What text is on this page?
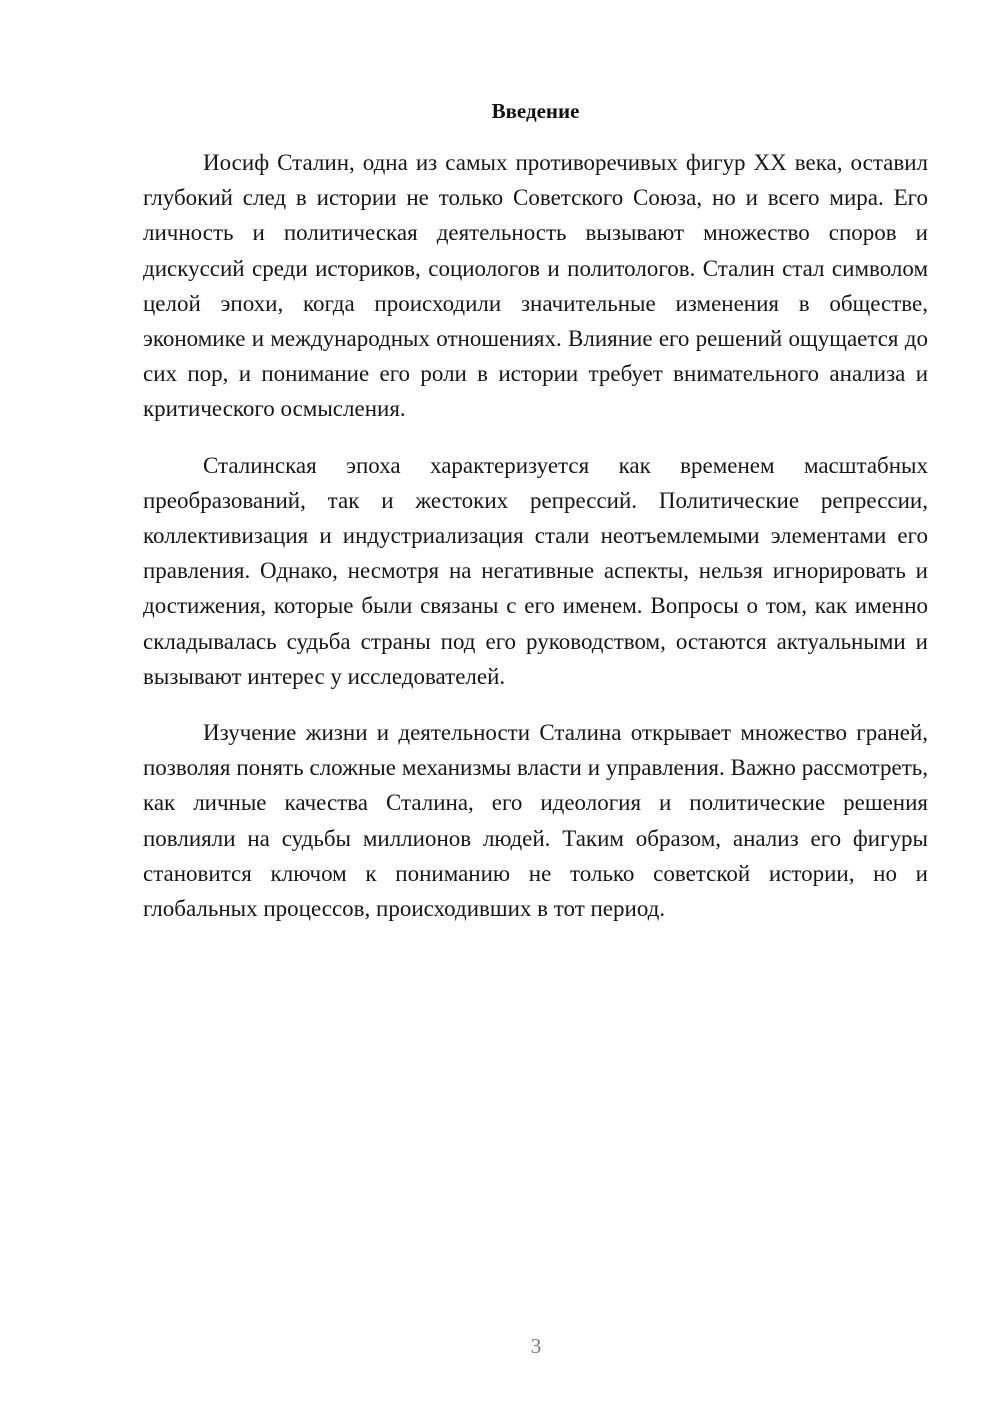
Введение

Иосиф Сталин, одна из самых противоречивых фигур XX века, оставил глубокий след в истории не только Советского Союза, но и всего мира. Его личность и политическая деятельность вызывают множество споров и дискуссий среди историков, социологов и политологов. Сталин стал символом целой эпохи, когда происходили значительные изменения в обществе, экономике и международных отношениях. Влияние его решений ощущается до сих пор, и понимание его роли в истории требует внимательного анализа и критического осмысления.

Сталинская эпоха характеризуется как временем масштабных преобразований, так и жестоких репрессий. Политические репрессии, коллективизация и индустриализация стали неотъемлемыми элементами его правления. Однако, несмотря на негативные аспекты, нельзя игнорировать и достижения, которые были связаны с его именем. Вопросы о том, как именно складывалась судьба страны под его руководством, остаются актуальными и вызывают интерес у исследователей.

Изучение жизни и деятельности Сталина открывает множество граней, позволяя понять сложные механизмы власти и управления. Важно рассмотреть, как личные качества Сталина, его идеология и политические решения повлияли на судьбы миллионов людей. Таким образом, анализ его фигуры становится ключом к пониманию не только советской истории, но и глобальных процессов, происходивших в тот период.

3
